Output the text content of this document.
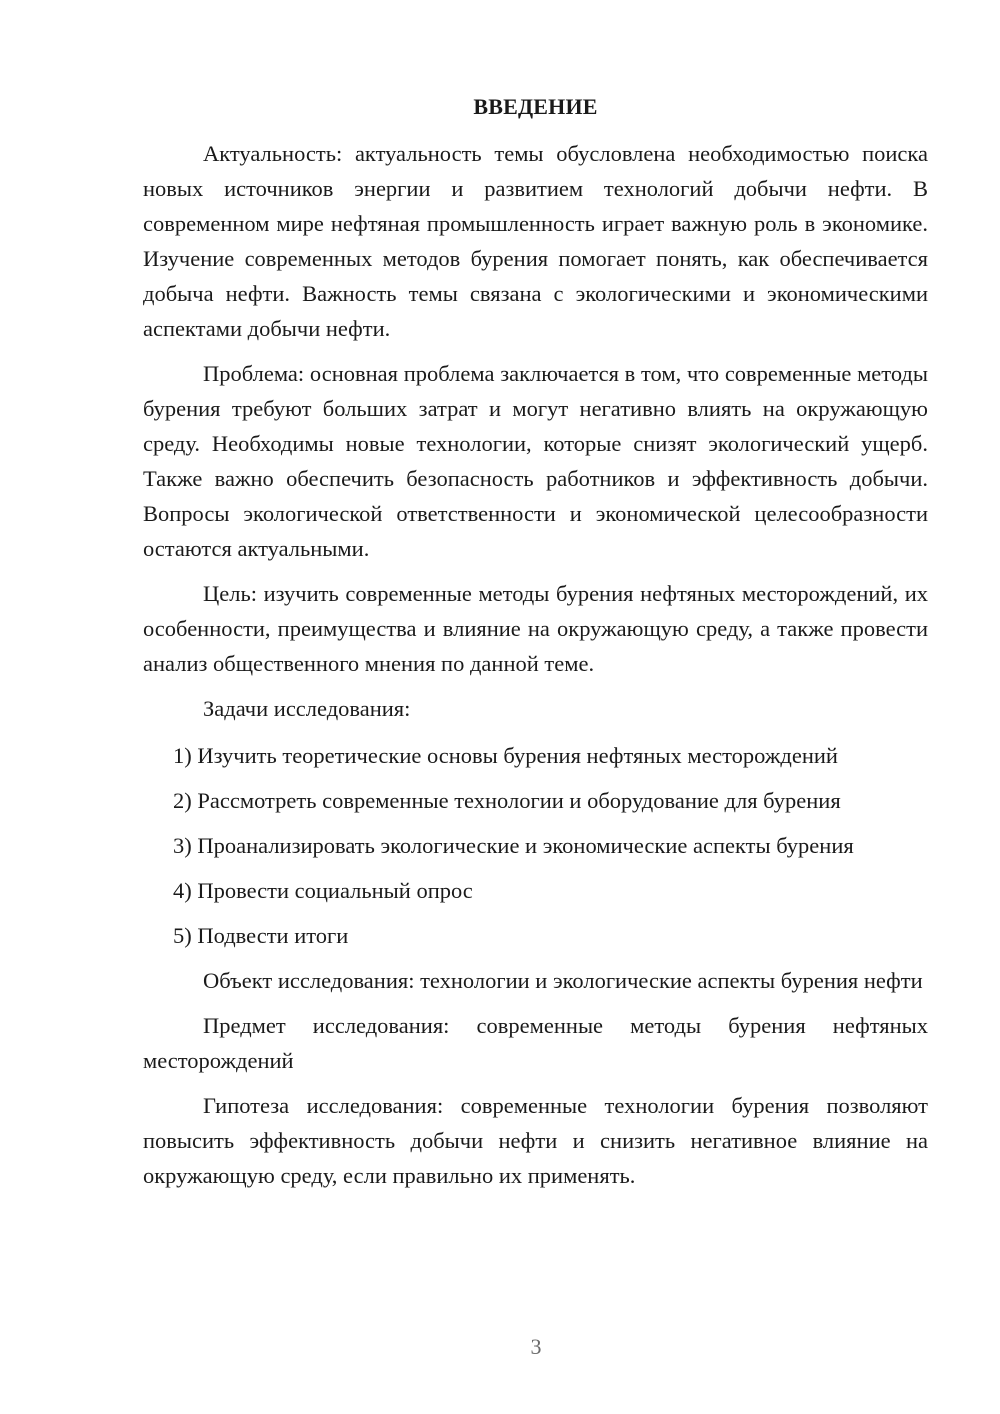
ВВЕДЕНИЕ

Актуальность: актуальность темы обусловлена необходимостью поиска новых источников энергии и развитием технологий добычи нефти. В современном мире нефтяная промышленность играет важную роль в экономике. Изучение современных методов бурения помогает понять, как обеспечивается добыча нефти. Важность темы связана с экологическими и экономическими аспектами добычи нефти.

Проблема: основная проблема заключается в том, что современные методы бурения требуют больших затрат и могут негативно влиять на окружающую среду. Необходимы новые технологии, которые снизят экологический ущерб. Также важно обеспечить безопасность работников и эффективность добычи. Вопросы экологической ответственности и экономической целесообразности остаются актуальными.

Цель: изучить современные методы бурения нефтяных месторождений, их особенности, преимущества и влияние на окружающую среду, а также провести анализ общественного мнения по данной теме.

Задачи исследования:

1) Изучить теоретические основы бурения нефтяных месторождений

2) Рассмотреть современные технологии и оборудование для бурения

3) Проанализировать экологические и экономические аспекты бурения

4) Провести социальный опрос

5) Подвести итоги

Объект исследования: технологии и экологические аспекты бурения нефти

Предмет исследования: современные методы бурения нефтяных месторождений

Гипотеза исследования: современные технологии бурения позволяют повысить эффективность добычи нефти и снизить негативное влияние на окружающую среду, если правильно их применять.

3
